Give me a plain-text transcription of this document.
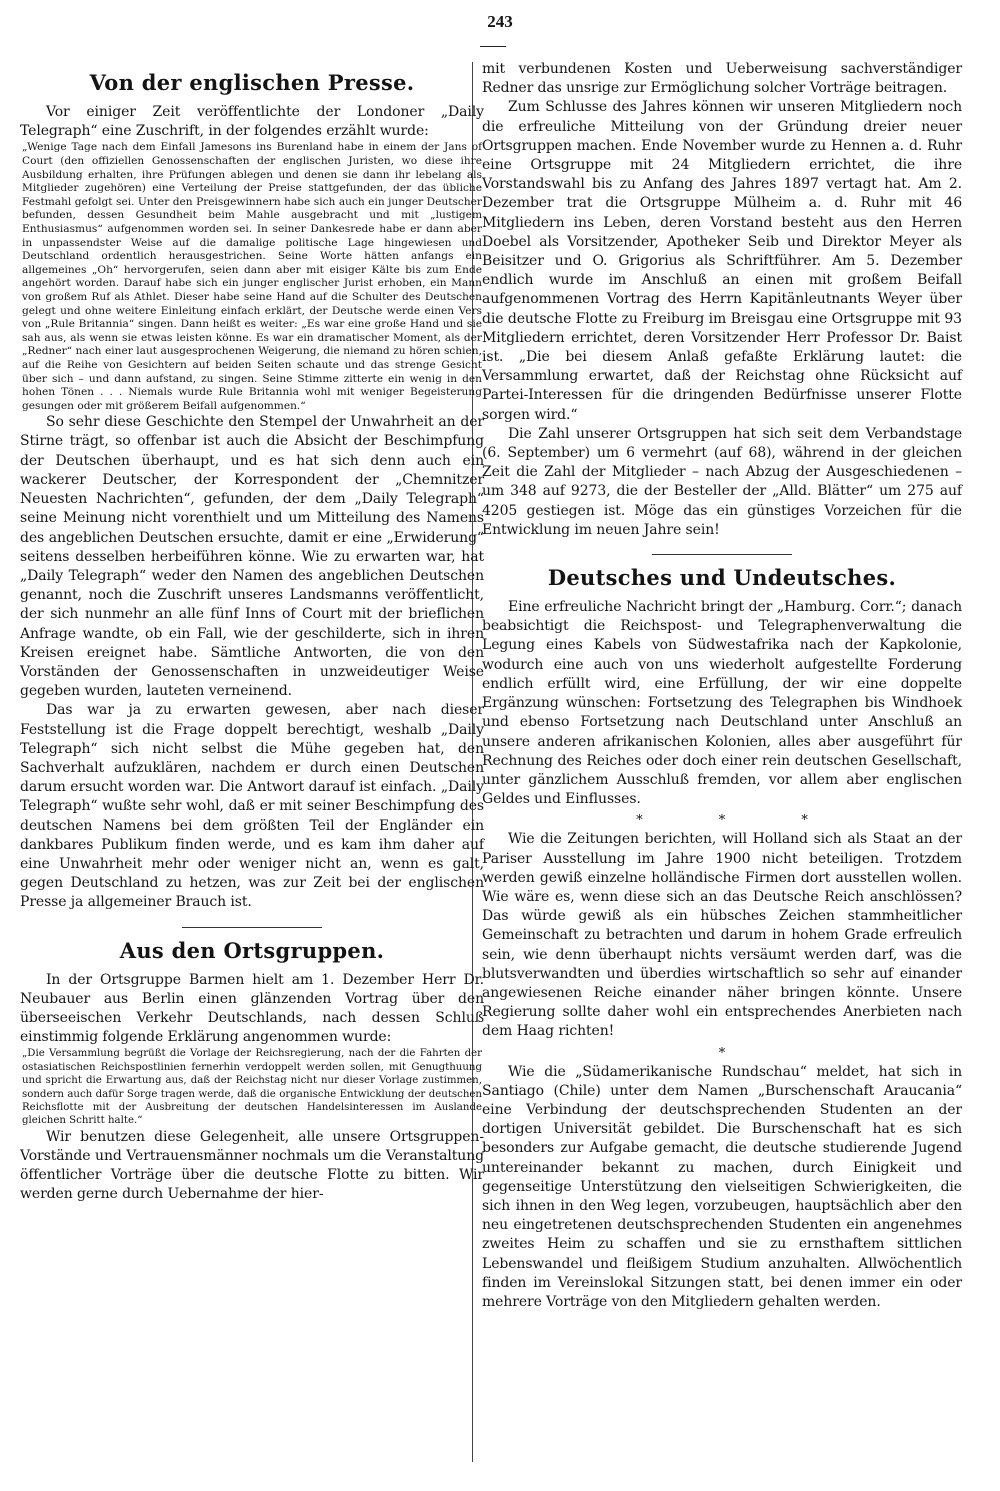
243
Von der englischen Presse.

Vor einiger Zeit veröffentlichte der Londoner „Daily Telegraph“ eine Zuschrift, in der folgendes erzählt wurde:

„Wenige Tage nach dem Einfall Jamesons ins Burenland habe in einem der Jans of Court (den offiziellen Genossenschaften der englischen Juristen, wo diese ihre Ausbildung erhalten, ihre Prüfungen ablegen und denen sie dann ihr lebelang als Mitglieder zugehören) eine Verteilung der Preise stattgefunden, der das übliche Festmahl gefolgt sei. Unter den Preisgewinnern habe sich auch ein junger Deutscher befunden, dessen Gesundheit beim Mahle ausgebracht und mit „lustigem Enthusiasmus“ aufgenommen worden sei. In seiner Dankesrede habe er dann aber in unpassendster Weise auf die damalige politische Lage hingewiesen und Deutschland ordentlich herausgestrichen. Seine Worte hätten anfangs ein allgemeines „Oh“ hervorgerufen, seien dann aber mit eisiger Kälte bis zum Ende angehört worden. Darauf habe sich ein junger englischer Jurist erhoben, ein Mann von großem Ruf als Athlet. Dieser habe seine Hand auf die Schulter des Deutschen gelegt und ohne weitere Einleitung einfach erklärt, der Deutsche werde einen Vers von „Rule Britannia“ singen. Dann heißt es weiter: „Es war eine große Hand und sie sah aus, als wenn sie etwas leisten könne. Es war ein dramatischer Moment, als der „Redner“ nach einer laut ausgesprochenen Weigerung, die niemand zu hören schien, auf die Reihe von Gesichtern auf beiden Seiten schaute und das strenge Gesicht über sich – und dann aufstand, zu singen. Seine Stimme zitterte ein wenig in den hohen Tönen . . . Niemals wurde Rule Britannia wohl mit weniger Begeisterung gesungen oder mit größerem Beifall aufgenommen.“

So sehr diese Geschichte den Stempel der Unwahrheit an der Stirne trägt, so offenbar ist auch die Absicht der Beschimpfung der Deutschen überhaupt, und es hat sich denn auch ein wackerer Deutscher, der Korrespondent der „Chemnitzer Neuesten Nachrichten“, gefunden, der dem „Daily Telegraph“ seine Meinung nicht vorenthielt und um Mitteilung des Namens des angeblichen Deutschen ersuchte, damit er eine „Erwiderung“ seitens desselben herbeiführen könne. Wie zu erwarten war, hat „Daily Telegraph“ weder den Namen des angeblichen Deutschen genannt, noch die Zuschrift unseres Landsmanns veröffentlicht, der sich nunmehr an alle fünf Inns of Court mit der brieflichen Anfrage wandte, ob ein Fall, wie der geschilderte, sich in ihren Kreisen ereignet habe. Sämtliche Antworten, die von den Vorständen der Genossenschaften in unzweideutiger Weise gegeben wurden, lauteten verneinend.

Das war ja zu erwarten gewesen, aber nach dieser Feststellung ist die Frage doppelt berechtigt, weshalb „Daily Telegraph“ sich nicht selbst die Mühe gegeben hat, den Sachverhalt aufzuklären, nachdem er durch einen Deutschen darum ersucht worden war. Die Antwort darauf ist einfach. „Daily Telegraph“ wußte sehr wohl, daß er mit seiner Beschimpfung des deutschen Namens bei dem größten Teil der Engländer ein dankbares Publikum finden werde, und es kam ihm daher auf eine Unwahrheit mehr oder weniger nicht an, wenn es galt, gegen Deutschland zu hetzen, was zur Zeit bei der englischen Presse ja allgemeiner Brauch ist.

Aus den Ortsgruppen.

In der Ortsgruppe Barmen hielt am 1. Dezember Herr Dr. Neubauer aus Berlin einen glänzenden Vortrag über den überseeischen Verkehr Deutschlands, nach dessen Schluß einstimmig folgende Erklärung angenommen wurde:

„Die Versammlung begrüßt die Vorlage der Reichsregierung, nach der die Fahrten der ostasiatischen Reichspostlinien fernerhin verdoppelt werden sollen, mit Genugthuung und spricht die Erwartung aus, daß der Reichstag nicht nur dieser Vorlage zustimmen, sondern auch dafür Sorge tragen werde, daß die organische Entwicklung der deutschen Reichsflotte mit der Ausbreitung der deutschen Handelsinteressen im Auslande gleichen Schritt halte.“

Wir benutzen diese Gelegenheit, alle unsere Ortsgruppen-Vorstände und Vertrauensmänner nochmals um die Veranstaltung öffentlicher Vorträge über die deutsche Flotte zu bitten. Wir werden gerne durch Uebernahme der hier-

mit verbundenen Kosten und Ueberweisung sachverständiger Redner das unsrige zur Ermöglichung solcher Vorträge beitragen.

Zum Schlusse des Jahres können wir unseren Mitgliedern noch die erfreuliche Mitteilung von der Gründung dreier neuer Ortsgruppen machen. Ende November wurde zu Hennen a. d. Ruhr eine Ortsgruppe mit 24 Mitgliedern errichtet, die ihre Vorstandswahl bis zu Anfang des Jahres 1897 vertagt hat. Am 2. Dezember trat die Ortsgruppe Mülheim a. d. Ruhr mit 46 Mitgliedern ins Leben, deren Vorstand besteht aus den Herren Doebel als Vorsitzender, Apotheker Seib und Direktor Meyer als Beisitzer und O. Grigorius als Schriftführer. Am 5. Dezember endlich wurde im Anschluß an einen mit großem Beifall aufgenommenen Vortrag des Herrn Kapitänleutnants Weyer über die deutsche Flotte zu Freiburg im Breisgau eine Ortsgruppe mit 93 Mitgliedern errichtet, deren Vorsitzender Herr Professor Dr. Baist ist. „Die bei diesem Anlaß gefaßte Erklärung lautet: die Versammlung erwartet, daß der Reichstag ohne Rücksicht auf Partei-Interessen für die dringenden Bedürfnisse unserer Flotte sorgen wird.“

Die Zahl unserer Ortsgruppen hat sich seit dem Verbandstage (6. September) um 6 vermehrt (auf 68), während in der gleichen Zeit die Zahl der Mitglieder – nach Abzug der Ausgeschiedenen – um 348 auf 9273, die der Besteller der „Alld. Blätter“ um 275 auf 4205 gestiegen ist. Möge das ein günstiges Vorzeichen für die Entwicklung im neuen Jahre sein!

Deutsches und Undeutsches.

Eine erfreuliche Nachricht bringt der „Hamburg. Corr.“; danach beabsichtigt die Reichspost- und Telegraphenverwaltung die Legung eines Kabels von Südwestafrika nach der Kapkolonie, wodurch eine auch von uns wiederholt aufgestellte Forderung endlich erfüllt wird, eine Erfüllung, der wir eine doppelte Ergänzung wünschen: Fortsetzung des Telegraphen bis Windhoek und ebenso Fortsetzung nach Deutschland unter Anschluß an unsere anderen afrikanischen Kolonien, alles aber ausgeführt für Rechnung des Reiches oder doch einer rein deutschen Gesellschaft, unter gänzlichem Ausschluß fremden, vor allem aber englischen Geldes und Einflusses.

* * *

Wie die Zeitungen berichten, will Holland sich als Staat an der Pariser Ausstellung im Jahre 1900 nicht beteiligen. Trotzdem werden gewiß einzelne holländische Firmen dort ausstellen wollen. Wie wäre es, wenn diese sich an das Deutsche Reich anschlössen? Das würde gewiß als ein hübsches Zeichen stammheitlicher Gemeinschaft zu betrachten und darum in hohem Grade erfreulich sein, wie denn überhaupt nichts versäumt werden darf, was die blutsverwandten und überdies wirtschaftlich so sehr auf einander angewiesenen Reiche einander näher bringen könnte. Unsere Regierung sollte daher wohl ein entsprechendes Anerbieten nach dem Haag richten!

*

Wie die „Südamerikanische Rundschau“ meldet, hat sich in Santiago (Chile) unter dem Namen „Burschenschaft Araucania“ eine Verbindung der deutschsprechenden Studenten an der dortigen Universität gebildet. Die Burschenschaft hat es sich besonders zur Aufgabe gemacht, die deutsche studierende Jugend untereinander bekannt zu machen, durch Einigkeit und gegenseitige Unterstützung den vielseitigen Schwierigkeiten, die sich ihnen in den Weg legen, vorzubeugen, hauptsächlich aber den neu eingetretenen deutschsprechenden Studenten ein angenehmes zweites Heim zu schaffen und sie zu ernsthaftem sittlichen Lebenswandel und fleißigem Studium anzuhalten. Allwöchentlich finden im Vereinslokal Sitzungen statt, bei denen immer ein oder mehrere Vorträge von den Mitgliedern gehalten werden.
